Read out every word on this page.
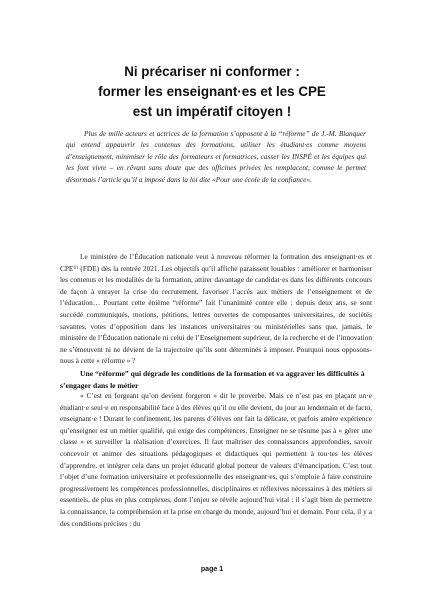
Ni précariser ni conformer :
former les enseignant·es et les CPE
est un impératif citoyen !
Plus de mille acteurs et actrices de la formation s’opposent à la “réforme” de J.-M. Blanquer qui entend appauvrir les contenus des formations, utiliser les étudiant·es comme moyens d’enseignement, minimiser le rôle des formateurs et formatrices, casser les INSPÉ et les équipes qui les font vivre – en rêvant sans doute que des officines privées les remplacent, comme le permet désormais l’article qu’il a imposé dans la loi dite «Pour une école de la confiance».
Le ministère de l’Éducation nationale veut à nouveau réformer la formation des enseignant·es et CPE⁽ⁱ⁾ (FDE) dès la rentrée 2021. Les objectifs qu’il affiche paraissent louables : améliorer et harmoniser les contenus et les modalités de la formation, attirer davantage de candidat·es dans les différents concours de façon à enrayer la crise du recrutement, favoriser l’accès aux métiers de l’enseignement et de l’éducation… Pourtant cette énième “réforme” fait l’unanimité contre elle : depuis deux ans, se sont succédé communiqués, motions, pétitions, lettres ouvertes de composantes universitaires, de sociétés savantes, votes d’opposition dans les instances universitaires ou ministérielles sans que, jamais, le ministère de l’Éducation nationale ni celui de l’Enseignement supérieur, de la recherche et de l’innovation ne s’émeuvent ni ne dévient de la trajectoire qu’ils sont déterminés à imposer. Pourquoi nous opposons-nous à cette « réforme » ?
Une “réforme” qui dégrade les conditions de la formation et va aggraver les difficultés à s’engager dans le métier
« C’est en forgeant qu’on devient forgeron » dit le proverbe. Mais ce n’est pas en plaçant un·e étudiant·e seul·e en responsabilité face à des élèves qu’il ou elle devient, du jour au lendemain et de facto, enseignant·e ! Durant le confinement, les parents d’élèves ont fait la délicate, et parfois amère expérience qu’enseigner est un métier qualifié, qui exige des compétences. Enseigner ne se résume pas à « gérer une classe » et surveiller la réalisation d’exercices. Il faut maîtriser des connaissances approfondies, savoir concevoir et animer des situations pédagogiques et didactiques qui permettent à tou·tes les élèves d’apprendre, et intégrer cela dans un projet éducatif global porteur de valeurs d’émancipation. C’est tout l’objet d’une formation universitaire et professionnelle des enseignant·es, qui s’emploie à faire construire progressivement les compétences professionnelles, disciplinaires et réflexives nécessaires à des métiers si essentiels, de plus en plus complexes, dont l’enjeu se révèle aujourd’hui vital : il s’agit bien de permettre la connaissance, la compréhension et la prise en charge du monde, aujourd’hui et demain. Pour cela, il y a des conditions précises : du
page 1
